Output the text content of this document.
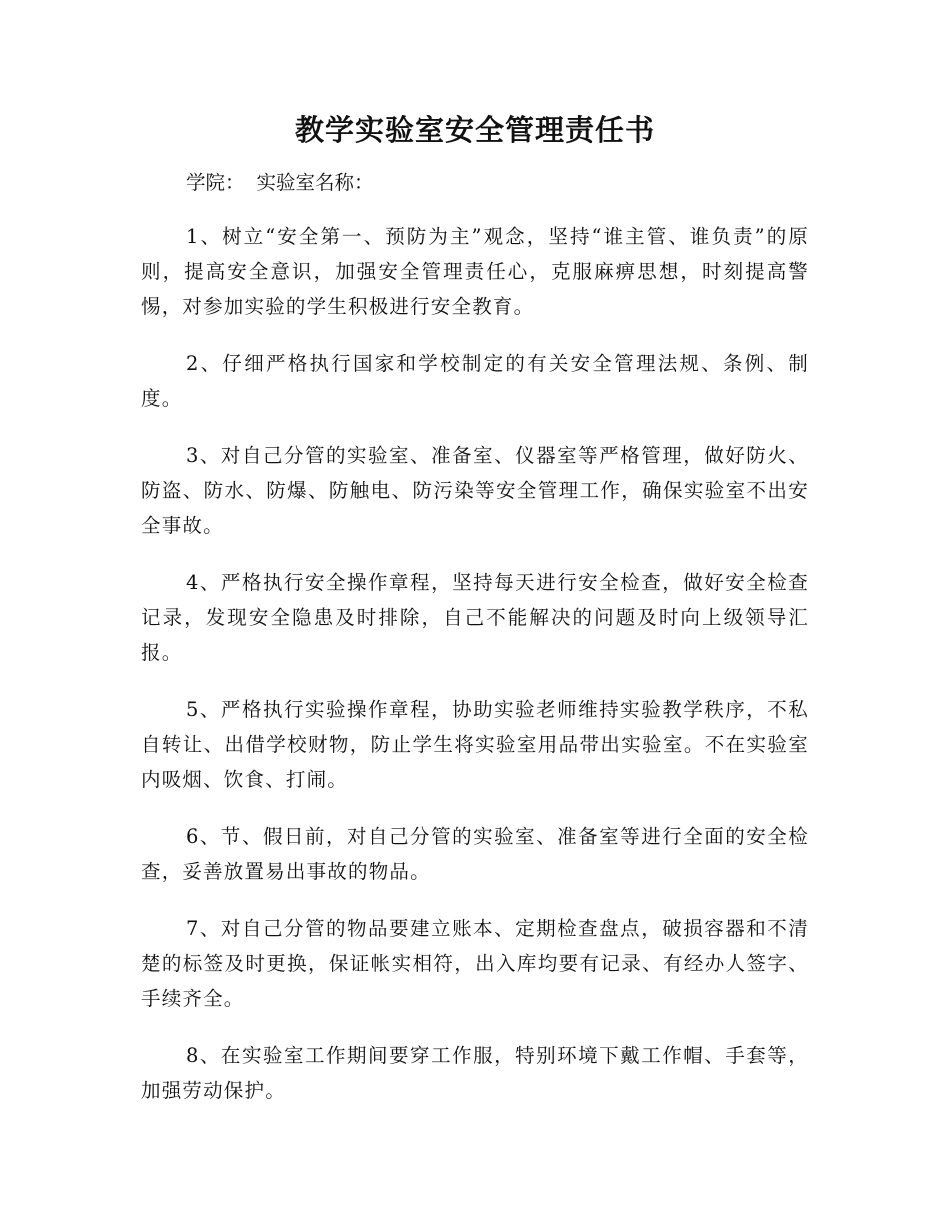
教学实验室安全管理责任书
学院： 实验室名称：

1、树立“安全第一、预防为主”观念，坚持“谁主管、谁负责”的原则，提高安全意识，加强安全管理责任心，克服麻痹思想，时刻提高警惕，对参加实验的学生积极进行安全教育。

2、仔细严格执行国家和学校制定的有关安全管理法规、条例、制度。

3、对自己分管的实验室、准备室、仪器室等严格管理，做好防火、防盗、防水、防爆、防触电、防污染等安全管理工作，确保实验室不出安全事故。

4、严格执行安全操作章程，坚持每天进行安全检查，做好安全检查记录，发现安全隐患及时排除，自己不能解决的问题及时向上级领导汇报。

5、严格执行实验操作章程，协助实验老师维持实验教学秩序，不私自转让、出借学校财物，防止学生将实验室用品带出实验室。不在实验室内吸烟、饮食、打闹。

6、节、假日前，对自己分管的实验室、准备室等进行全面的安全检查，妥善放置易出事故的物品。

7、对自己分管的物品要建立账本、定期检查盘点，破损容器和不清楚的标签及时更换，保证帐实相符，出入库均要有记录、有经办人签字、手续齐全。

8、在实验室工作期间要穿工作服，特别环境下戴工作帽、手套等，加强劳动保护。
